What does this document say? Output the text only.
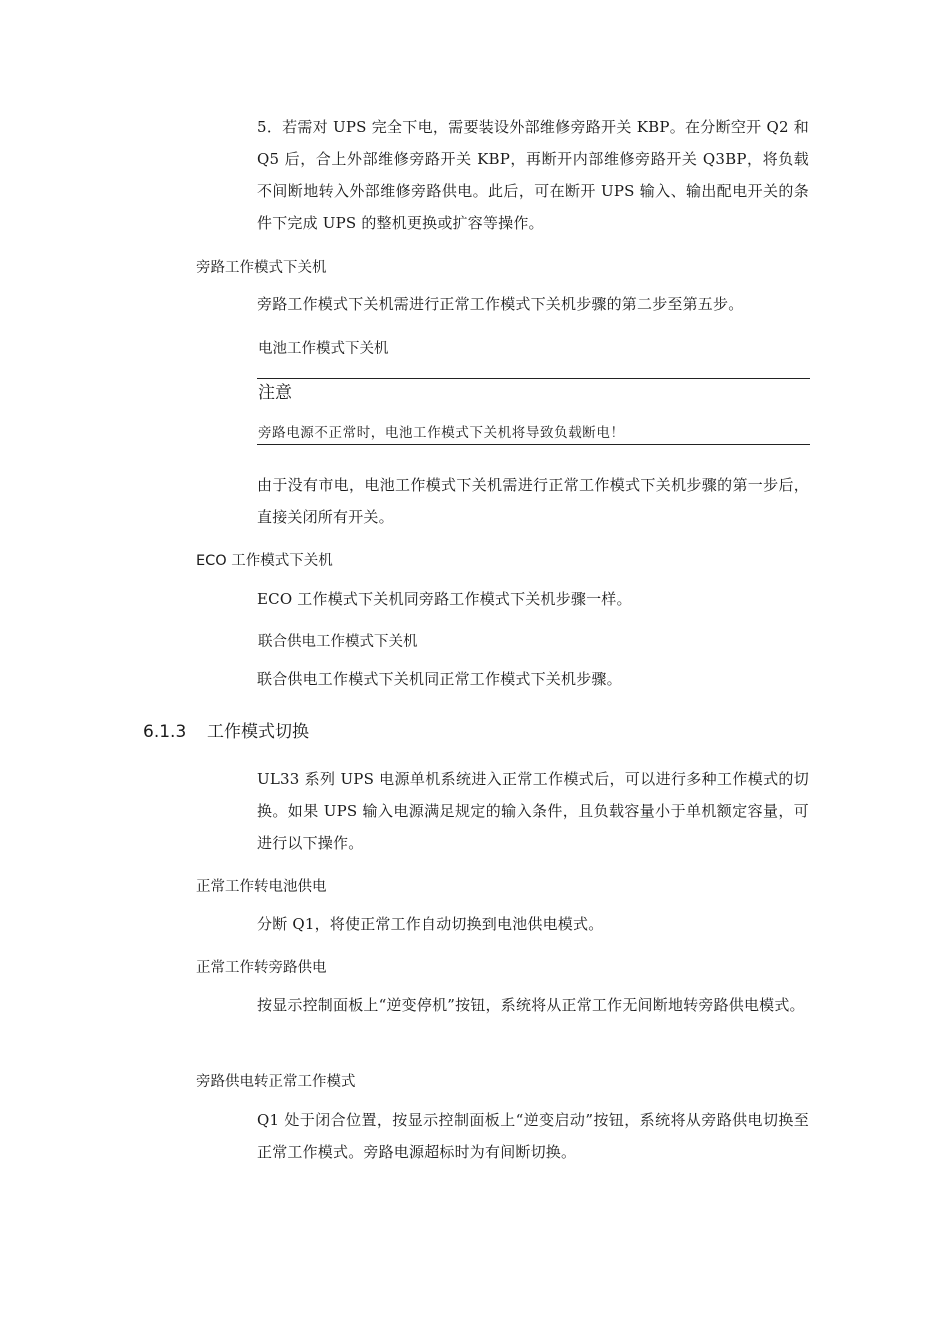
5．若需对 UPS 完全下电，需要装设外部维修旁路开关 KBP。在分断空开 Q2 和 Q5 后，合上外部维修旁路开关 KBP，再断开内部维修旁路开关 Q3BP，将负载不间断地转入外部维修旁路供电。此后，可在断开 UPS 输入、输出配电开关的条件下完成 UPS 的整机更换或扩容等操作。

旁路工作模式下关机

旁路工作模式下关机需进行正常工作模式下关机步骤的第二步至第五步。

电池工作模式下关机
注意
旁路电源不正常时，电池工作模式下关机将导致负载断电！

由于没有市电，电池工作模式下关机需进行正常工作模式下关机步骤的第一步后，直接关闭所有开关。

ECO 工作模式下关机

ECO 工作模式下关机同旁路工作模式下关机步骤一样。

联合供电工作模式下关机

联合供电工作模式下关机同正常工作模式下关机步骤。

6.1.3 工作模式切换

UL33 系列 UPS 电源单机系统进入正常工作模式后，可以进行多种工作模式的切换。如果 UPS 输入电源满足规定的输入条件，且负载容量小于单机额定容量，可进行以下操作。

正常工作转电池供电

分断 Q1，将使正常工作自动切换到电池供电模式。

正常工作转旁路供电

按显示控制面板上“逆变停机”按钮，系统将从正常工作无间断地转旁路供电模式。

旁路供电转正常工作模式

Q1 处于闭合位置，按显示控制面板上“逆变启动”按钮，系统将从旁路供电切换至正常工作模式。旁路电源超标时为有间断切换。
